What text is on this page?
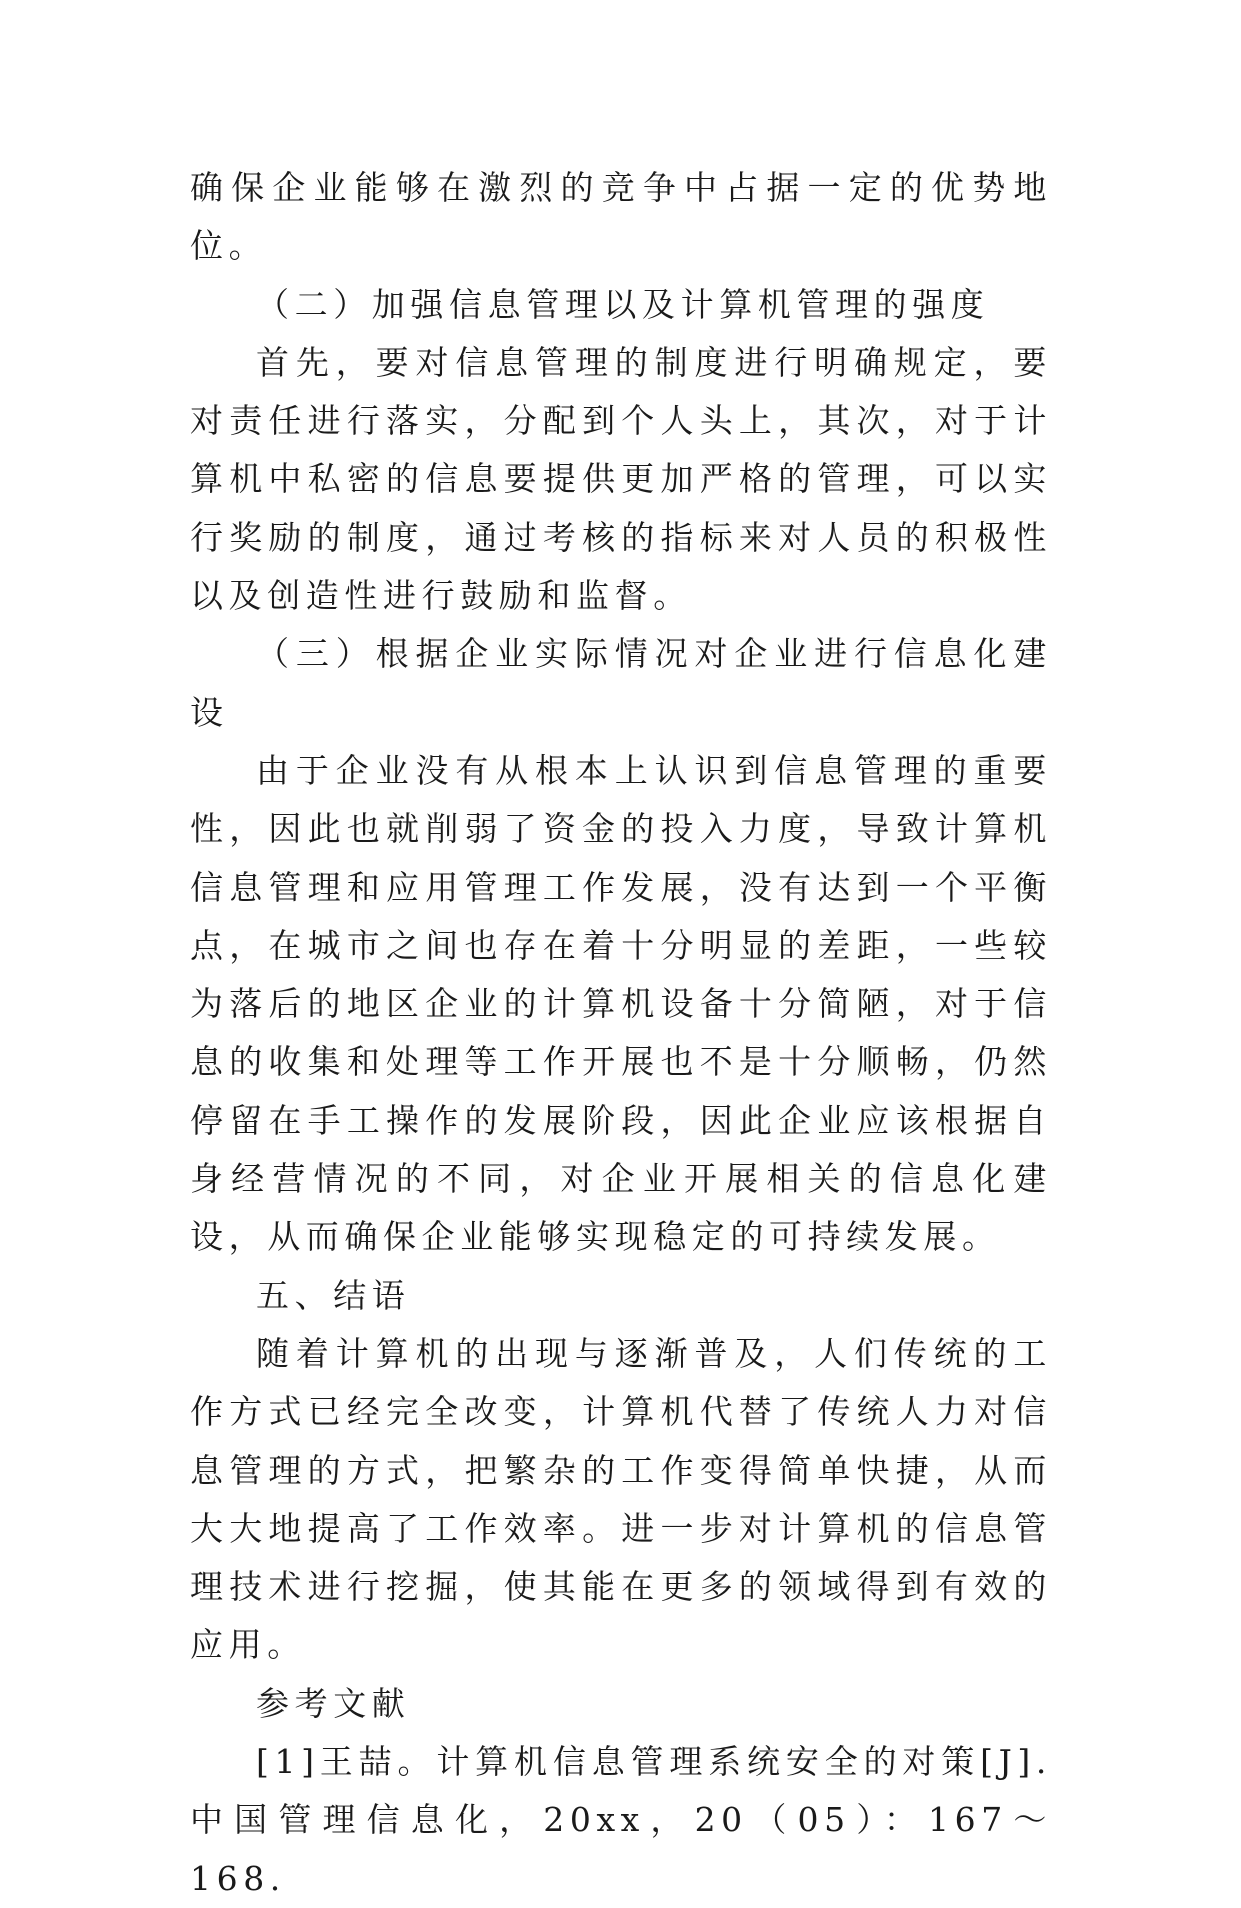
确保企业能够在激烈的竞争中占据一定的优势地位。

（二）加强信息管理以及计算机管理的强度

首先，要对信息管理的制度进行明确规定，要对责任进行落实，分配到个人头上，其次，对于计算机中私密的信息要提供更加严格的管理，可以实行奖励的制度，通过考核的指标来对人员的积极性以及创造性进行鼓励和监督。

（三）根据企业实际情况对企业进行信息化建设

由于企业没有从根本上认识到信息管理的重要性，因此也就削弱了资金的投入力度，导致计算机信息管理和应用管理工作发展，没有达到一个平衡点，在城市之间也存在着十分明显的差距，一些较为落后的地区企业的计算机设备十分简陋，对于信息的收集和处理等工作开展也不是十分顺畅，仍然停留在手工操作的发展阶段，因此企业应该根据自身经营情况的不同，对企业开展相关的信息化建设，从而确保企业能够实现稳定的可持续发展。

五、结语

随着计算机的出现与逐渐普及，人们传统的工作方式已经完全改变，计算机代替了传统人力对信息管理的方式，把繁杂的工作变得简单快捷，从而大大地提高了工作效率。进一步对计算机的信息管理技术进行挖掘，使其能在更多的领域得到有效的应用。

参考文献

[1]王喆。计算机信息管理系统安全的对策[J].中国管理信息化，20xx，20（05）：167～168.
